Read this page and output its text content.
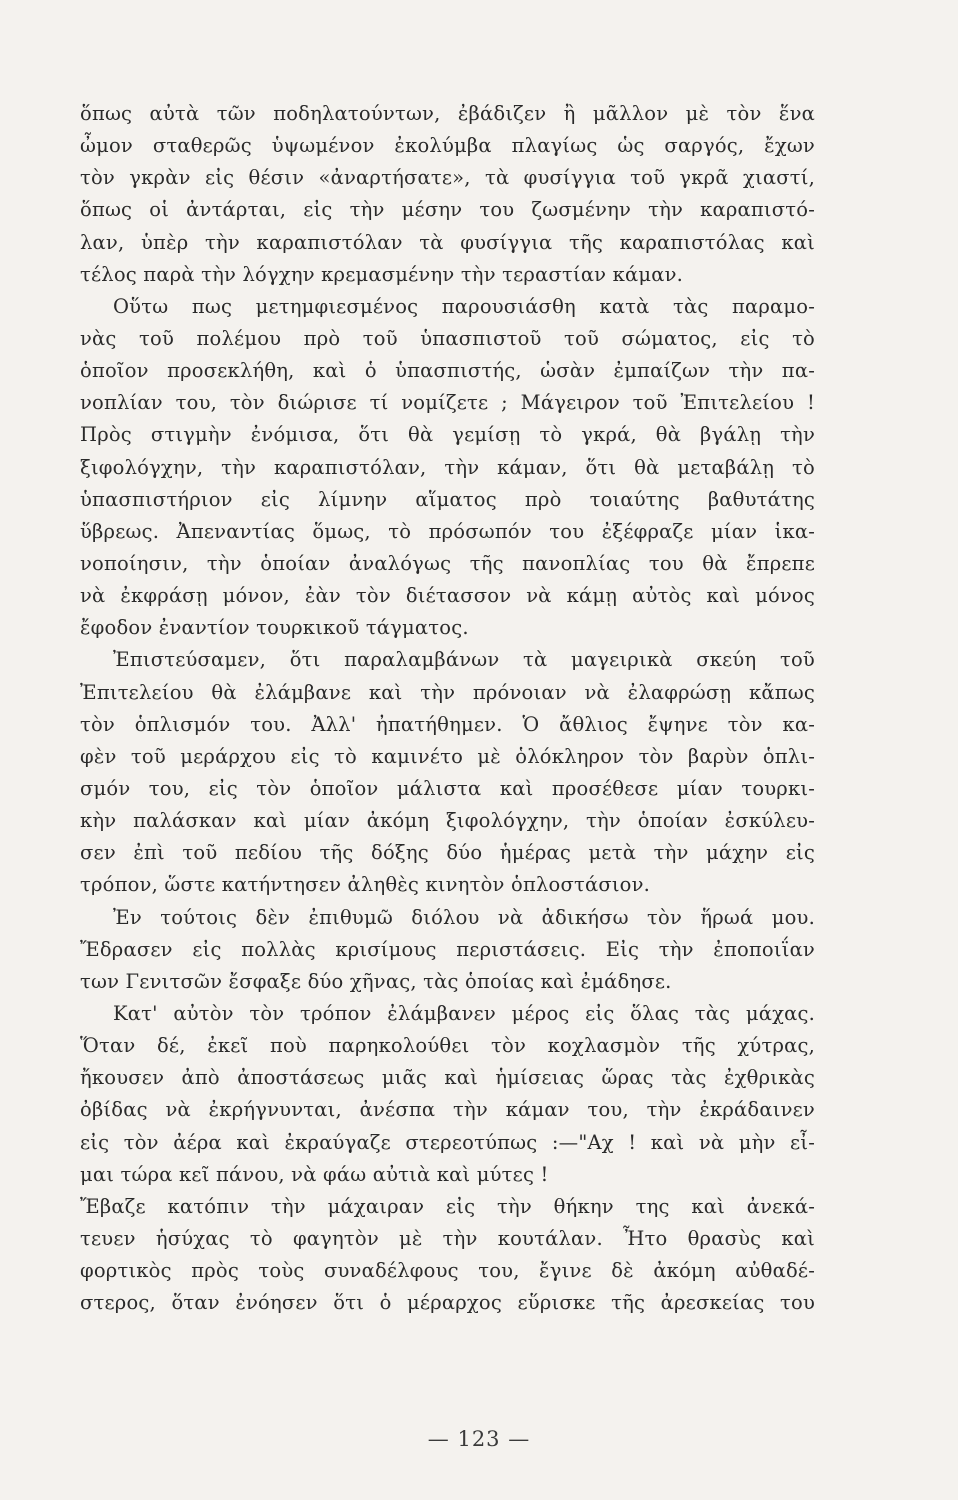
ὅπως αὐτὰ τῶν ποδηλατούντων, ἐβάδιζεν ἢ μᾶλλον μὲ τὸν ἕνα
ὦμον σταθερῶς ὑψωμένον ἐκολύμβα πλαγίως ὡς σαργός, ἔχων
τὸν γκρὰν εἰς θέσιν «ἀναρτήσατε», τὰ φυσίγγια τοῦ γκρᾶ χιαστί,
ὅπως οἱ ἀντάρται, εἰς τὴν μέσην του ζωσμένην τὴν καραπιστό-
λαν, ὑπὲρ τὴν καραπιστόλαν τὰ φυσίγγια τῆς καραπιστόλας καὶ
τέλος παρὰ τὴν λόγχην κρεμασμένην τὴν τεραστίαν κάμαν.
Οὕτω πως μετημφιεσμένος παρουσιάσθη κατὰ τὰς παραμο-
νὰς τοῦ πολέμου πρὸ τοῦ ὑπασπιστοῦ τοῦ σώματος, εἰς τὸ
ὁποῖον προσεκλήθη, καὶ ὁ ὑπασπιστής, ὡσὰν ἐμπαίζων τὴν πα-
νοπλίαν του, τὸν διώρισε τί νομίζετε ; Μάγειρον τοῦ Ἐπιτελείου !
Πρὸς στιγμὴν ἐνόμισα, ὅτι θὰ γεμίσῃ τὸ γκρά, θὰ βγάλῃ τὴν
ξιφολόγχην, τὴν καραπιστόλαν, τὴν κάμαν, ὅτι θὰ μεταβάλῃ τὸ
ὑπασπιστήριον εἰς λίμνην αἵματος πρὸ τοιαύτης βαθυτάτης
ὕβρεως. Ἀπεναντίας ὅμως, τὸ πρόσωπόν του ἐξέφραζε μίαν ἱκα-
νοποίησιν, τὴν ὁποίαν ἀναλόγως τῆς πανοπλίας του θὰ ἔπρεπε
νὰ ἐκφράσῃ μόνον, ἐὰν τὸν διέτασσον νὰ κάμῃ αὐτὸς καὶ μόνος
ἔφοδον ἐναντίον τουρκικοῦ τάγματος.
Ἐπιστεύσαμεν, ὅτι παραλαμβάνων τὰ μαγειρικὰ σκεύη τοῦ
Ἐπιτελείου θὰ ἐλάμβανε καὶ τὴν πρόνοιαν νὰ ἐλαφρώσῃ κἄπως
τὸν ὁπλισμόν του. Ἀλλ' ἠπατήθημεν. Ὁ ἄθλιος ἔψηνε τὸν κα-
φὲν τοῦ μεράρχου εἰς τὸ καμινέτο μὲ ὁλόκληρον τὸν βαρὺν ὁπλι-
σμόν του, εἰς τὸν ὁποῖον μάλιστα καὶ προσέθεσε μίαν τουρκι-
κὴν παλάσκαν καὶ μίαν ἀκόμη ξιφολόγχην, τὴν ὁποίαν ἐσκύλευ-
σεν ἐπὶ τοῦ πεδίου τῆς δόξης δύο ἡμέρας μετὰ τὴν μάχην εἰς
τρόπον, ὥστε κατήντησεν ἀληθὲς κινητὸν ὁπλοστάσιον.
Ἐν τούτοις δὲν ἐπιθυμῶ διόλου νὰ ἀδικήσω τὸν ἥρωά μου.
Ἔδρασεν εἰς πολλὰς κρισίμους περιστάσεις. Εἰς τὴν ἐποποιΐαν
των Γενιτσῶν ἔσφαξε δύο χῆνας, τὰς ὁποίας καὶ ἐμάδησε.
Κατ' αὐτὸν τὸν τρόπον ἐλάμβανεν μέρος εἰς ὅλας τὰς μάχας.
Ὅταν δέ, ἐκεῖ ποὺ παρηκολούθει τὸν κοχλασμὸν τῆς χύτρας,
ἤκουσεν ἀπὸ ἀποστάσεως μιᾶς καὶ ἡμίσειας ὥρας τὰς ἐχθρικὰς
ὀβίδας νὰ ἐκρήγνυνται, ἀνέσπα τὴν κάμαν του, τὴν ἐκράδαινεν
εἰς τὸν ἀέρα καὶ ἐκραύγαζε στερεοτύπως :—"Αχ ! καὶ νὰ μὴν εἶ-
μαι τώρα κεῖ πάνου, νὰ φάω αὐτιὰ καὶ μύτες !
Ἔβαζε κατόπιν τὴν μάχαιραν εἰς τὴν θήκην της καὶ ἀνεκά-
τευεν ἡσύχας τὸ φαγητὸν μὲ τὴν κουτάλαν. Ἦτο θρασὺς καὶ
φορτικὸς πρὸς τοὺς συναδέλφους του, ἔγινε δὲ ἀκόμη αὐθαδέ-
στερος, ὅταν ἐνόησεν ὅτι ὁ μέραρχος εὕρισκε τῆς ἀρεσκείας του
— 123 —
